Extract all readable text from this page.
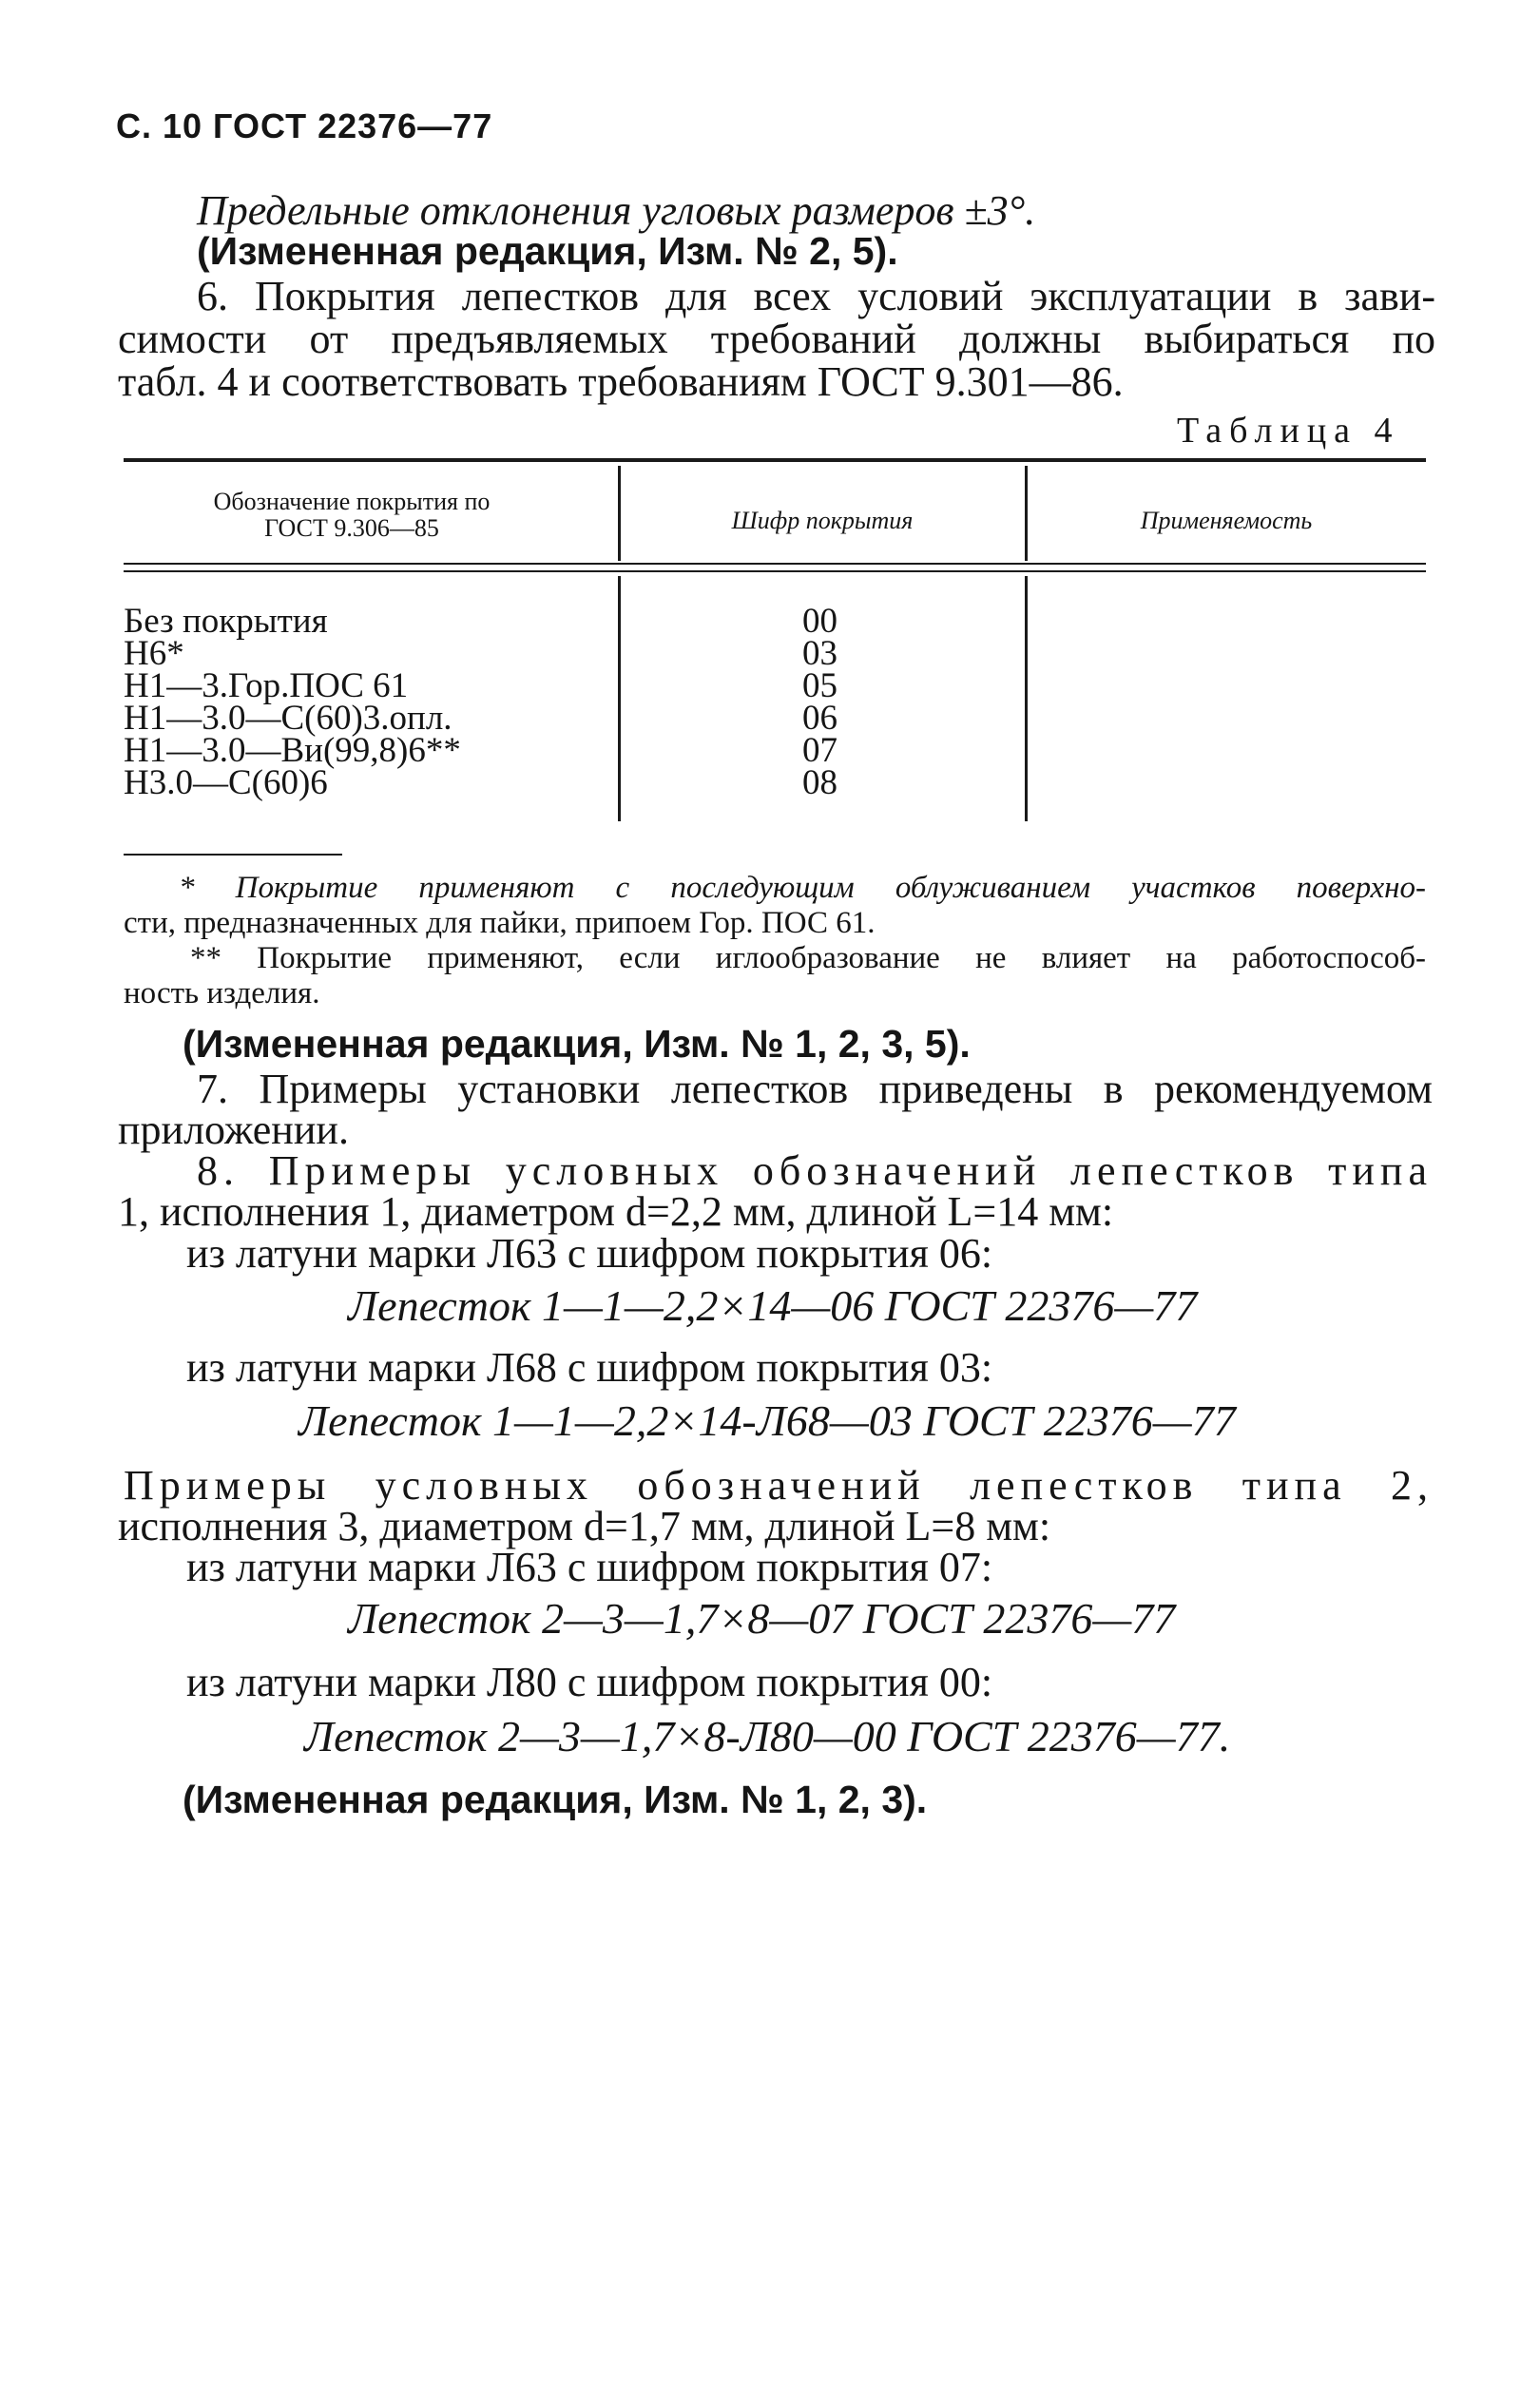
С. 10 ГОСТ 22376—77
Предельные отклонения угловых размеров ±3°.
(Измененная редакция, Изм. № 2, 5).
6. Покрытия лепестков для всех условий эксплуатации в зави-
симости от предъявляемых требований должны выбираться по
табл. 4 и соответствовать требованиям ГОСТ 9.301—86.
Таблица 4
Обозначение покрытия по ГОСТ 9.306—85	Шифр покрытия	Применяемость
Без покрытия
Н6*
Н1—3.Гор.ПОС 61
Н1—3.0—С(60)3.опл.
Н1—3.0—Ви(99,8)6**
Н3.0—С(60)6
00
03
05
06
07
08
* Покрытие применяют с последующим облуживанием участков поверхно-
сти, предназначенных для пайки, припоем Гор. ПОС 61.
** Покрытие применяют, если иглообразование не влияет на работоспособ-
ность изделия.
(Измененная редакция, Изм. № 1, 2, 3, 5).
7. Примеры установки лепестков приведены в рекомендуемом
приложении.
8. Примеры условных обозначений лепестков типа
1, исполнения 1, диаметром d=2,2 мм, длиной L=14 мм:
из латуни марки Л63 с шифром покрытия 06:
Лепесток 1—1—2,2×14—06 ГОСТ 22376—77
из латуни марки Л68 с шифром покрытия 03:
Лепесток 1—1—2,2×14-Л68—03 ГОСТ 22376—77
Примеры условных обозначений лепестков типа 2,
исполнения 3, диаметром d=1,7 мм, длиной L=8 мм:
из латуни марки Л63 с шифром покрытия 07:
Лепесток 2—3—1,7×8—07 ГОСТ 22376—77
из латуни марки Л80 с шифром покрытия 00:
Лепесток 2—3—1,7×8-Л80—00 ГОСТ 22376—77.
(Измененная редакция, Изм. № 1, 2, 3).
